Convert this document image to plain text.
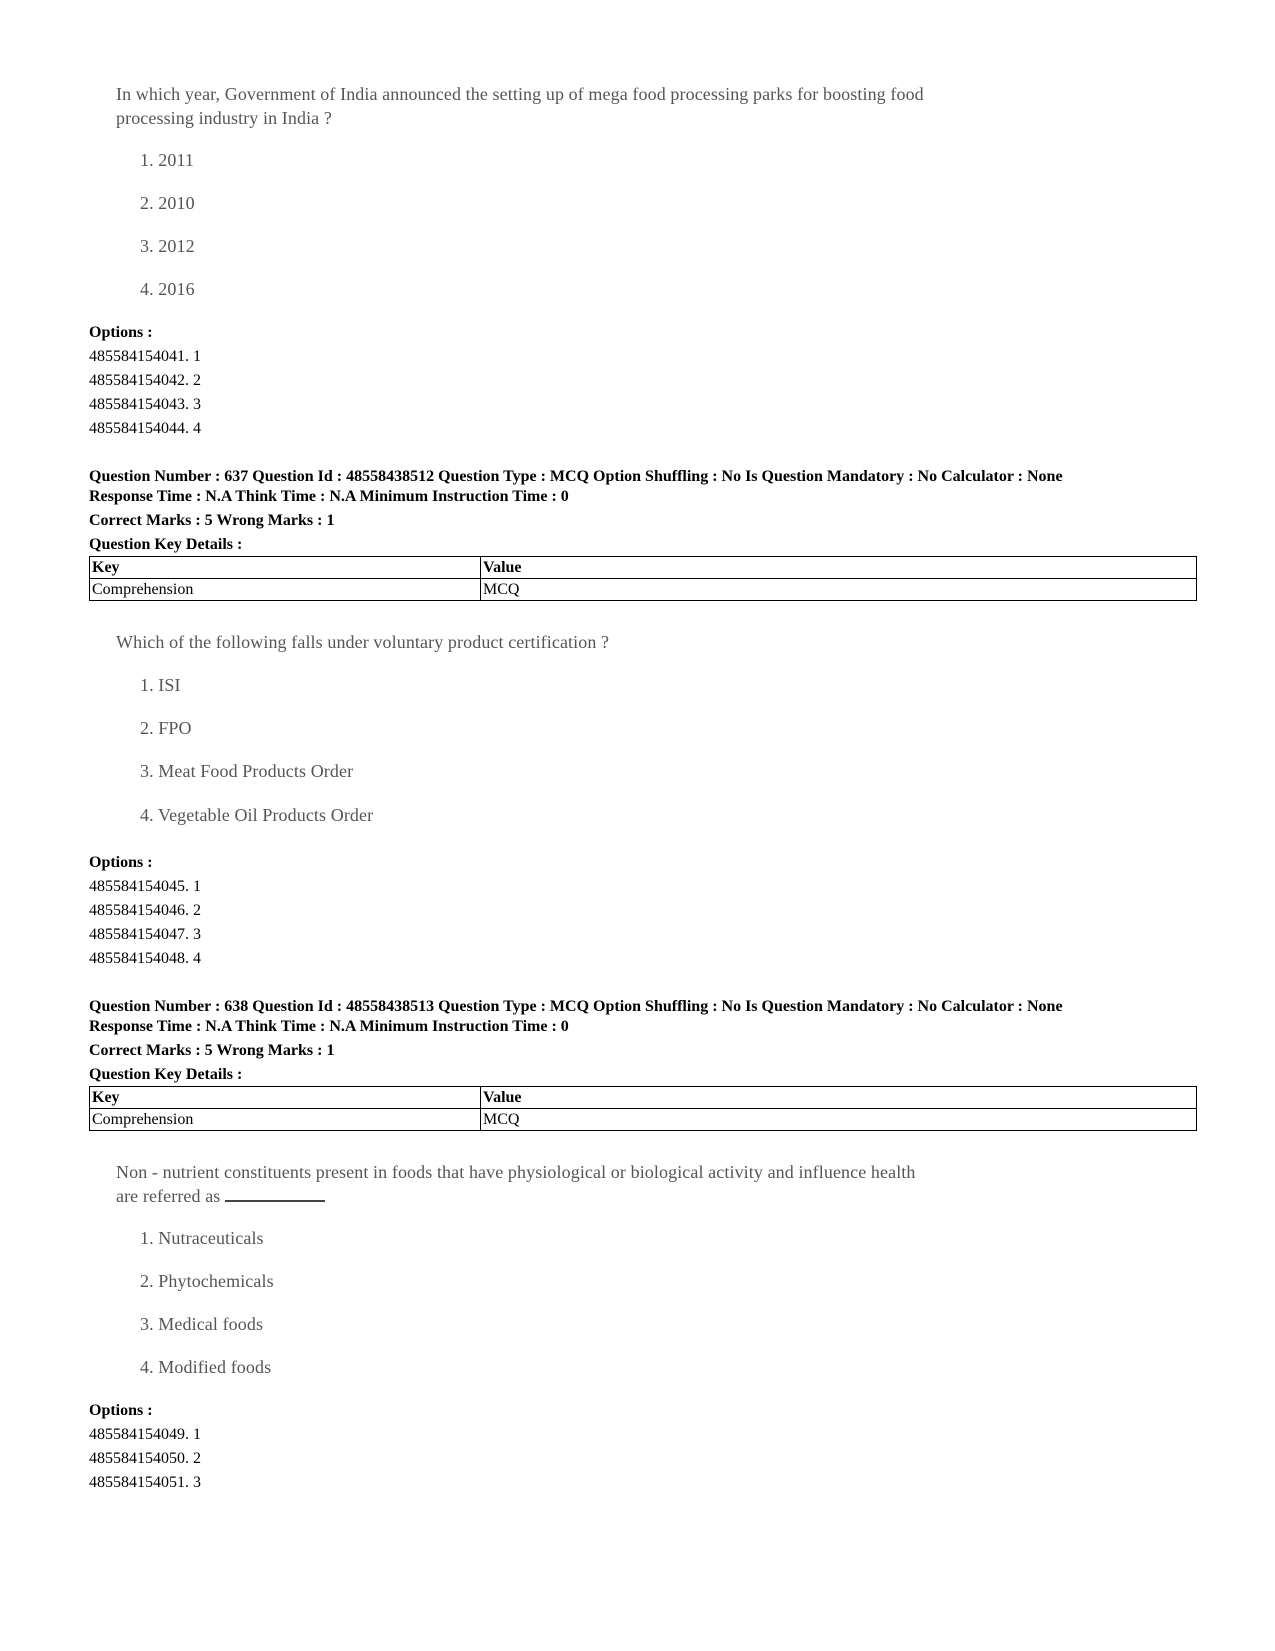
In which year, Government of India announced the setting up of mega food processing parks for boosting food processing industry in India ?

1. 2011
2. 2010
3. 2012
4. 2016
Options :
485584154041. 1
485584154042. 2
485584154043. 3
485584154044. 4
Question Number : 637 Question Id : 48558438512 Question Type : MCQ Option Shuffling : No Is Question Mandatory : No Calculator : None
Response Time : N.A Think Time : N.A Minimum Instruction Time : 0
Correct Marks : 5 Wrong Marks : 1
Question Key Details :
Key	Value
Comprehension	MCQ

Which of the following falls under voluntary product certification ?

1. ISI
2. FPO
3. Meat Food Products Order
4. Vegetable Oil Products Order
Options :
485584154045. 1
485584154046. 2
485584154047. 3
485584154048. 4
Question Number : 638 Question Id : 48558438513 Question Type : MCQ Option Shuffling : No Is Question Mandatory : No Calculator : None
Response Time : N.A Think Time : N.A Minimum Instruction Time : 0
Correct Marks : 5 Wrong Marks : 1
Question Key Details :
Key	Value
Comprehension	MCQ
Non - nutrient constituents present in foods that have physiological or biological activity and influence health
are referred as
1. Nutraceuticals
2. Phytochemicals
3. Medical foods
4. Modified foods
Options :
485584154049. 1
485584154050. 2
485584154051. 3
